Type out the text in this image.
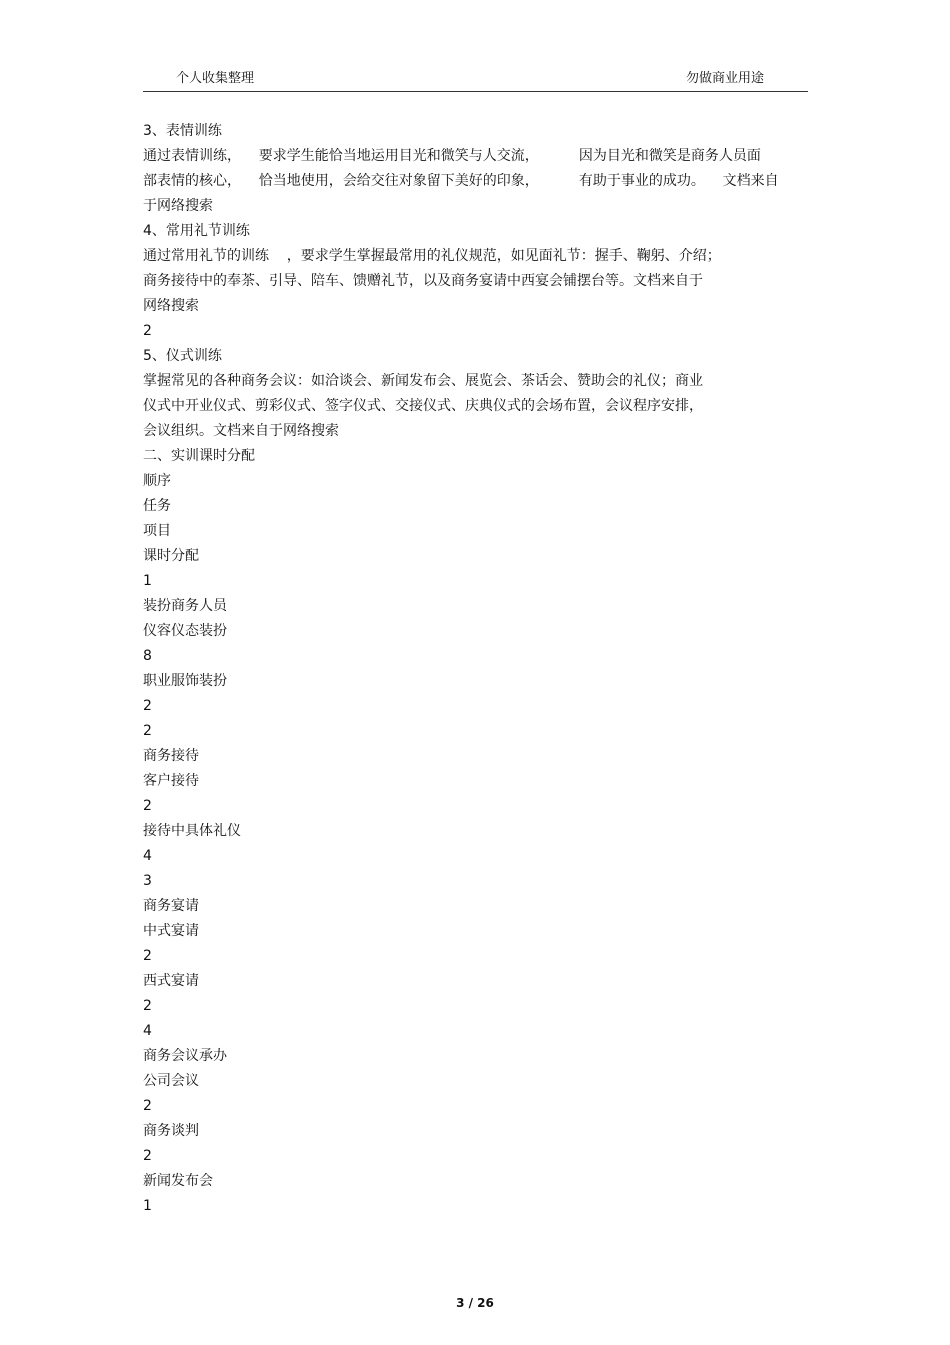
个人收集整理	勿做商业用途
3、表情训练
通过表情训练，    要求学生能恰当地运用目光和微笑与人交流，         因为目光和微笑是商务人员面
部表情的核心，    恰当地使用，会给交往对象留下美好的印象，         有助于事业的成功。    文档来自
于网络搜索
4、常用礼节训练
通过常用礼节的训练    ，要求学生掌握最常用的礼仪规范，如见面礼节：握手、鞠躬、介绍；
商务接待中的奉茶、引导、陪车、馈赠礼节，以及商务宴请中西宴会铺摆台等。文档来自于
网络搜索
2
5、仪式训练
掌握常见的各种商务会议：如洽谈会、新闻发布会、展览会、茶话会、赞助会的礼仪；商业
仪式中开业仪式、剪彩仪式、签字仪式、交接仪式、庆典仪式的会场布置，会议程序安排，
会议组织。文档来自于网络搜索
二、实训课时分配
顺序
任务
项目
课时分配
1
装扮商务人员
仪容仪态装扮
8
职业服饰装扮
2
2
商务接待
客户接待
2
接待中具体礼仪
4
3
商务宴请
中式宴请
2
西式宴请
2
4
商务会议承办
公司会议
2
商务谈判
2
新闻发布会
1
3 / 26
